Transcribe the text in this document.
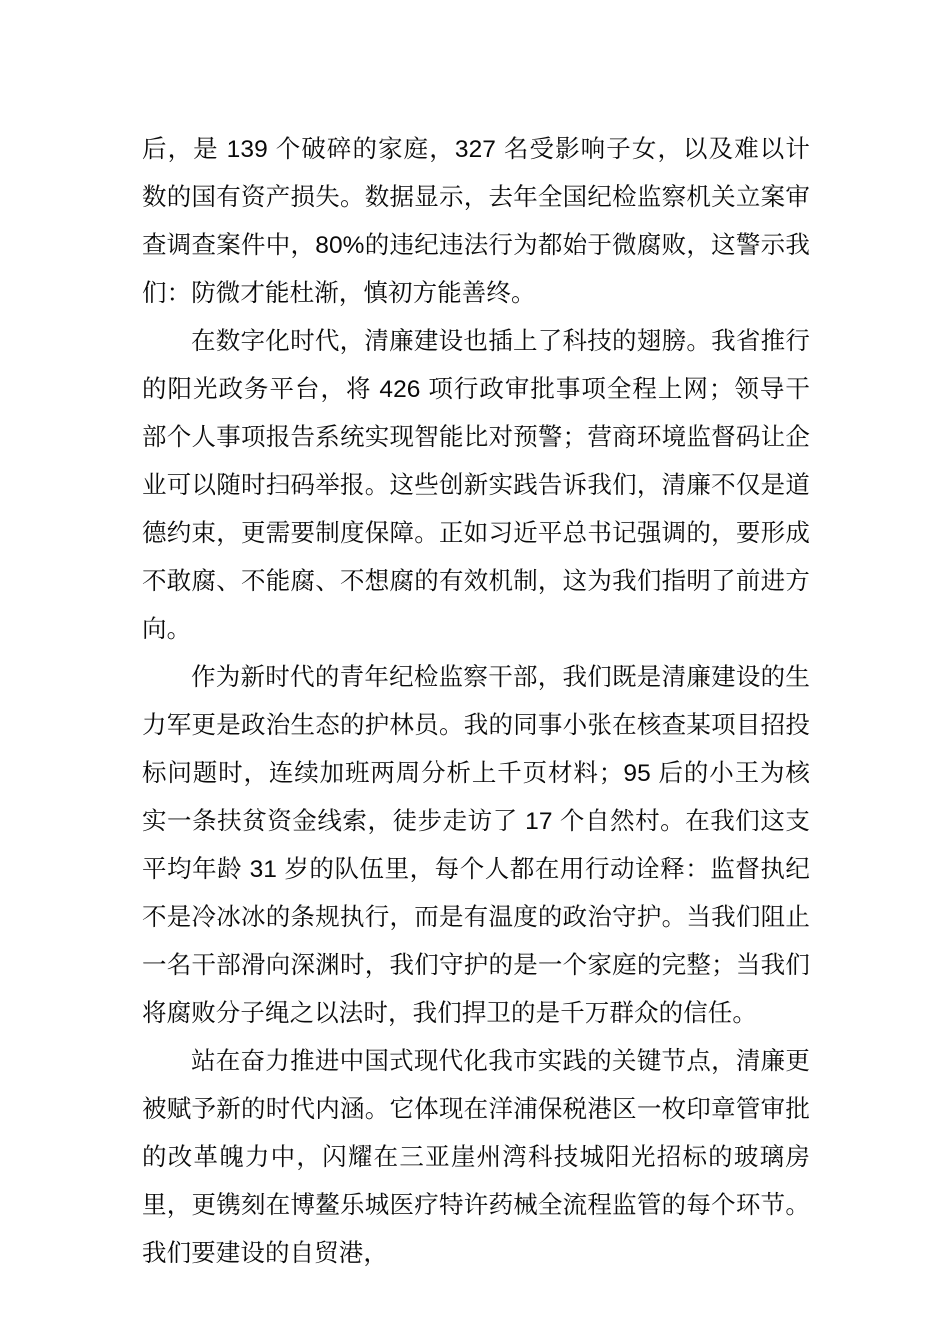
后，是 139 个破碎的家庭，327 名受影响子女，以及难以计数的国有资产损失。数据显示，去年全国纪检监察机关立案审查调查案件中，80%的违纪违法行为都始于微腐败，这警示我们：防微才能杜渐，慎初方能善终。

在数字化时代，清廉建设也插上了科技的翅膀。我省推行的阳光政务平台，将 426 项行政审批事项全程上网；领导干部个人事项报告系统实现智能比对预警；营商环境监督码让企业可以随时扫码举报。这些创新实践告诉我们，清廉不仅是道德约束，更需要制度保障。正如习近平总书记强调的，要形成不敢腐、不能腐、不想腐的有效机制，这为我们指明了前进方向。

作为新时代的青年纪检监察干部，我们既是清廉建设的生力军更是政治生态的护林员。我的同事小张在核查某项目招投标问题时，连续加班两周分析上千页材料；95 后的小王为核实一条扶贫资金线索，徒步走访了 17 个自然村。在我们这支平均年龄 31 岁的队伍里，每个人都在用行动诠释：监督执纪不是冷冰冰的条规执行，而是有温度的政治守护。当我们阻止一名干部滑向深渊时，我们守护的是一个家庭的完整；当我们将腐败分子绳之以法时，我们捍卫的是千万群众的信任。

站在奋力推进中国式现代化我市实践的关键节点，清廉更被赋予新的时代内涵。它体现在洋浦保税港区一枚印章管审批的改革魄力中，闪耀在三亚崖州湾科技城阳光招标的玻璃房里，更镌刻在博鳌乐城医疗特许药械全流程监管的每个环节。我们要建设的自贸港，
